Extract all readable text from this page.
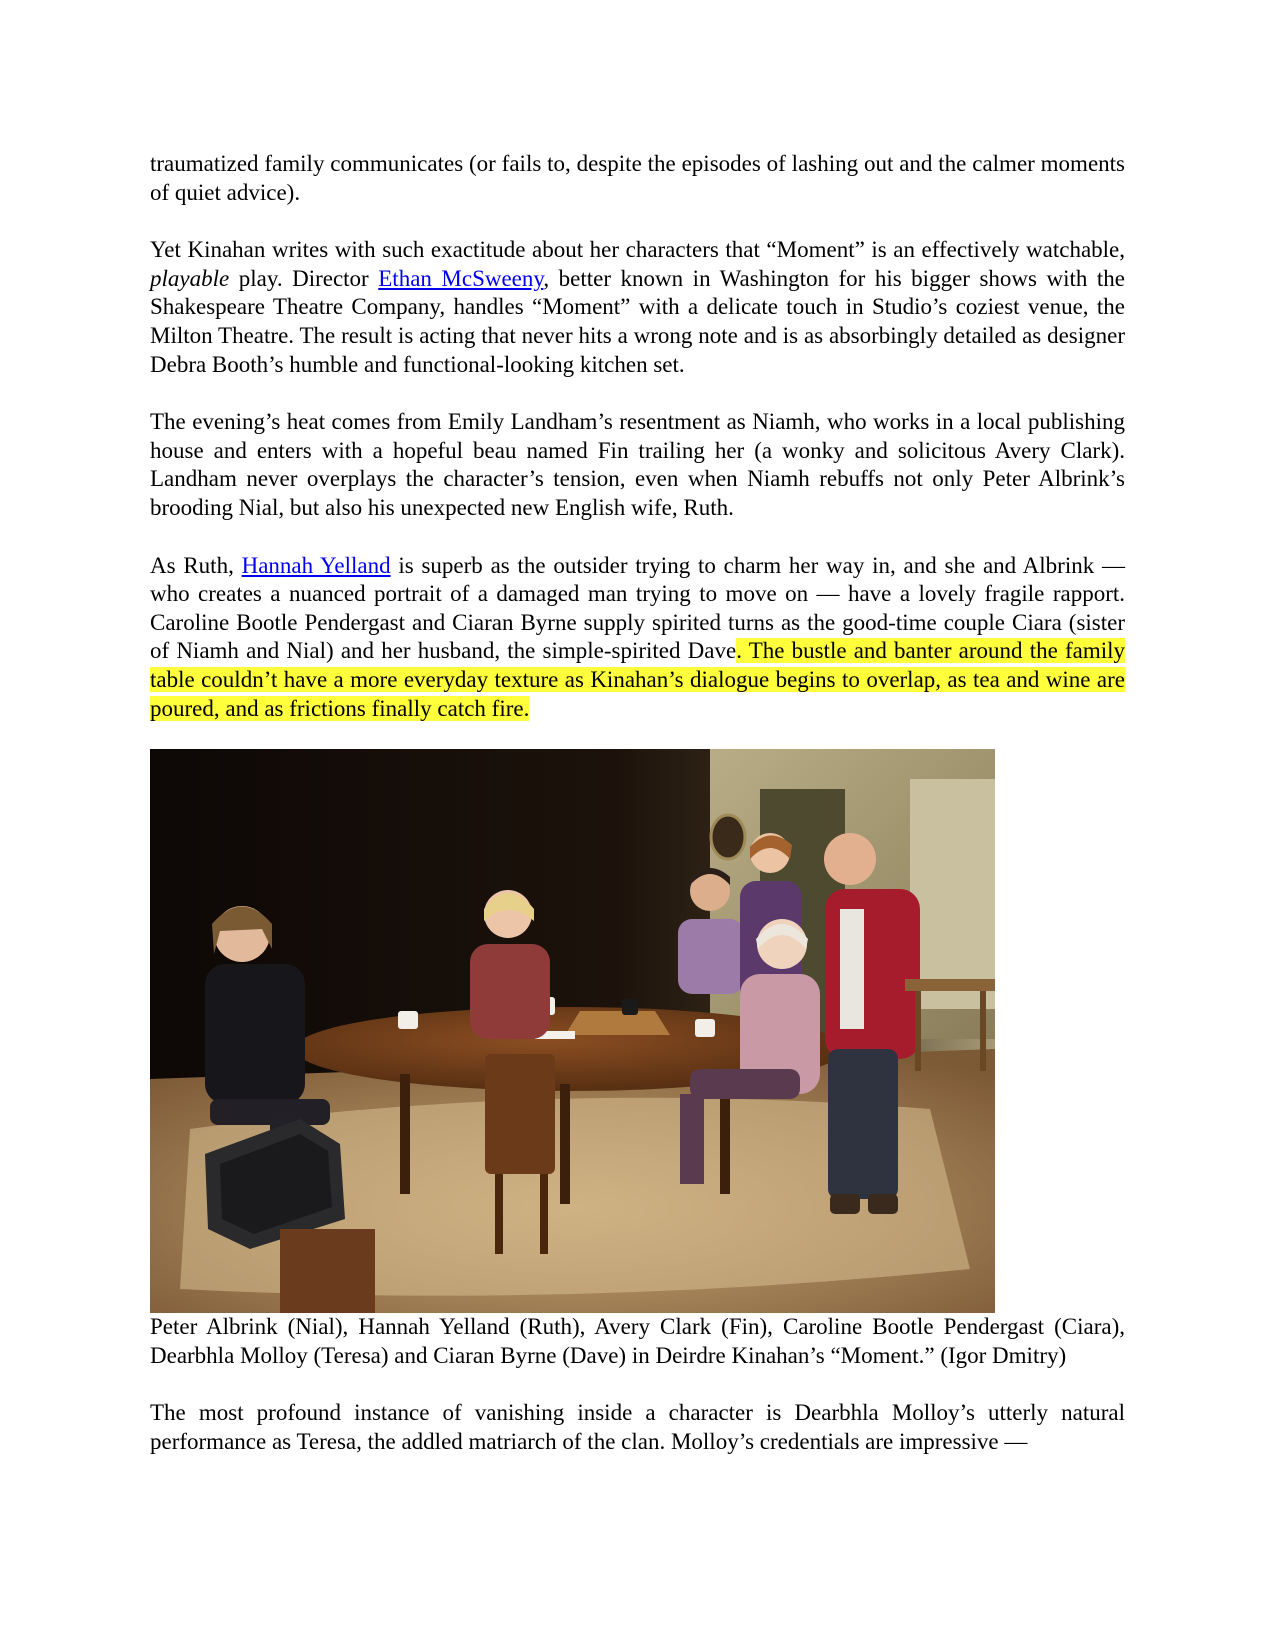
traumatized family communicates (or fails to, despite the episodes of lashing out and the calmer moments of quiet advice).

Yet Kinahan writes with such exactitude about her characters that “Moment” is an effectively watchable, playable play. Director Ethan McSweeny, better known in Washington for his bigger shows with the Shakespeare Theatre Company, handles “Moment” with a delicate touch in Studio’s coziest venue, the Milton Theatre. The result is acting that never hits a wrong note and is as absorbingly detailed as designer Debra Booth’s humble and functional-looking kitchen set.

The evening’s heat comes from Emily Landham’s resentment as Niamh, who works in a local publishing house and enters with a hopeful beau named Fin trailing her (a wonky and solicitous Avery Clark). Landham never overplays the character’s tension, even when Niamh rebuffs not only Peter Albrink’s brooding Nial, but also his unexpected new English wife, Ruth.

As Ruth, Hannah Yelland is superb as the outsider trying to charm her way in, and she and Albrink — who creates a nuanced portrait of a damaged man trying to move on — have a lovely fragile rapport. Caroline Bootle Pendergast and Ciaran Byrne supply spirited turns as the good-time couple Ciara (sister of Niamh and Nial) and her husband, the simple-spirited Dave. The bustle and banter around the family table couldn’t have a more everyday texture as Kinahan’s dialogue begins to overlap, as tea and wine are poured, and as frictions finally catch fire.

Peter Albrink (Nial), Hannah Yelland (Ruth), Avery Clark (Fin), Caroline Bootle Pendergast (Ciara), Dearbhla Molloy (Teresa) and Ciaran Byrne (Dave) in Deirdre Kinahan’s “Moment.” (Igor Dmitry)

The most profound instance of vanishing inside a character is Dearbhla Molloy’s utterly natural performance as Teresa, the addled matriarch of the clan. Molloy’s credentials are impressive —
